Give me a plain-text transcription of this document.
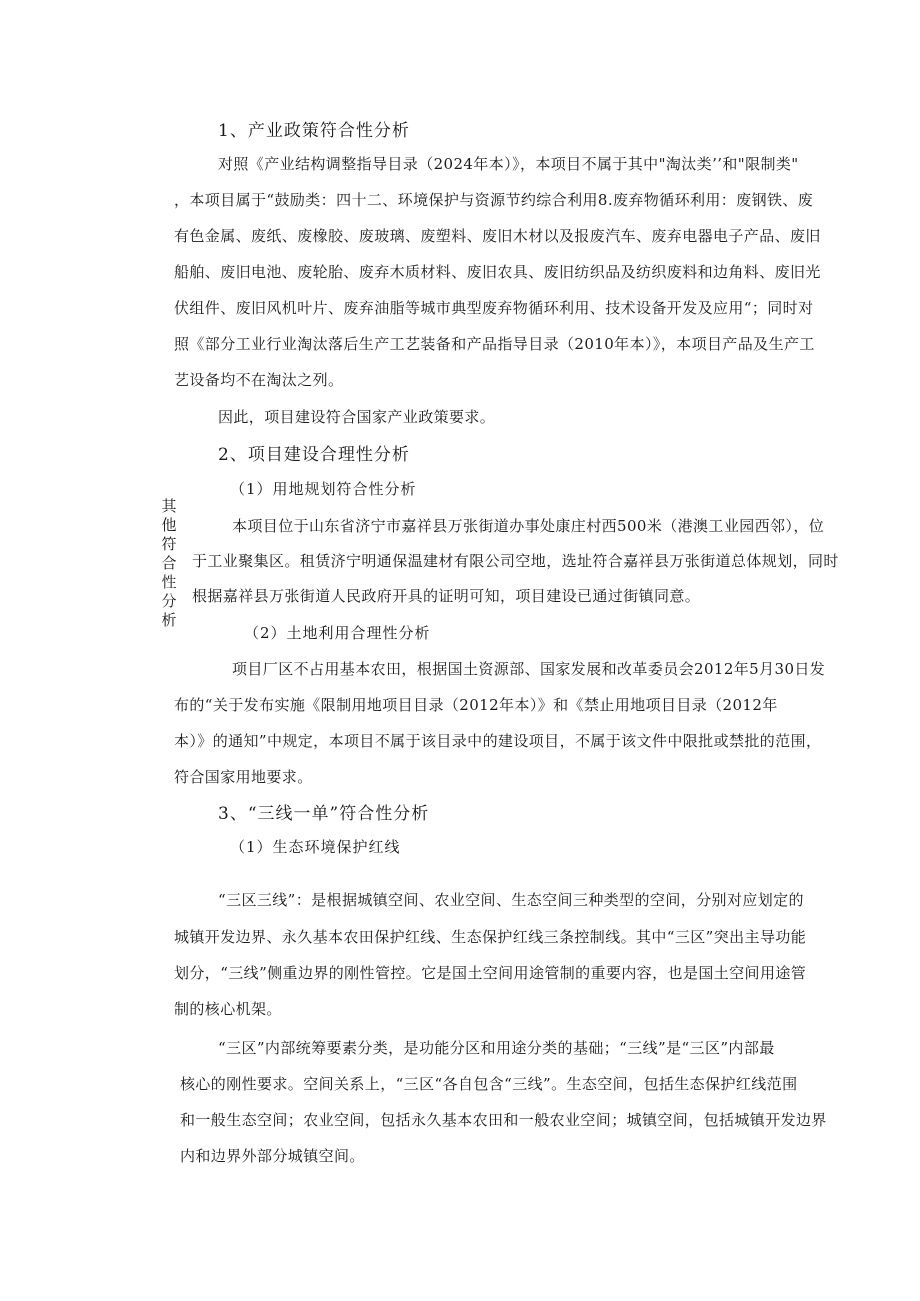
1、产业政策符合性分析
对照《产业结构调整指导目录（2024年本）》，本项目不属于其中"淘汰类’’和"限制类"
，本项目属于“鼓励类：四十二、环境保护与资源节约综合利用8.废弃物循环利用：废钢铁、废
有色金属、废纸、废橡胶、废玻璃、废塑料、废旧木材以及报废汽车、废弃电器电子产品、废旧
船舶、废旧电池、废轮胎、废弃木质材料、废旧农具、废旧纺织品及纺织废料和边角料、废旧光
伏组件、废旧风机叶片、废弃油脂等城市典型废弃物循环利用、技术设备开发及应用“；同时对
照《部分工业行业淘汰落后生产工艺装备和产品指导目录（2010年本）》，本项目产品及生产工
艺设备均不在淘汰之列。
因此，项目建设符合国家产业政策要求。
2、项目建设合理性分析
（1）用地规划符合性分析
本项目位于山东省济宁市嘉祥县万张街道办事处康庄村西500米（港澳工业园西邻），位
于工业聚集区。租赁济宁明通保温建材有限公司空地，选址符合嘉祥县万张街道总体规划，同时
根据嘉祥县万张街道人民政府开具的证明可知，项目建设已通过街镇同意。
其他符合性分析
（2）土地利用合理性分析
项目厂区不占用基本农田，根据国土资源部、国家发展和改革委员会2012年5月30日发
布的“关于发布实施《限制用地项目目录（2012年本）》和《禁止用地项目目录（2012年
本）》的通知”中规定，本项目不属于该目录中的建设项目，不属于该文件中限批或禁批的范围，
符合国家用地要求。
3、“三线一单”符合性分析
（1）生态环境保护红线
“三区三线”：是根据城镇空间、农业空间、生态空间三种类型的空间，分别对应划定的
城镇开发边界、永久基本农田保护红线、生态保护红线三条控制线。其中“三区”突出主导功能
划分，“三线”侧重边界的刚性管控。它是国土空间用途管制的重要内容，也是国土空间用途管
制的核心机架。
“三区”内部统筹要素分类，是功能分区和用途分类的基础；“三线”是“三区”内部最
核心的刚性要求。空间关系上，“三区“各自包含“三线”。生态空间，包括生态保护红线范围
和一般生态空间；农业空间，包括永久基本农田和一般农业空间；城镇空间，包括城镇开发边界
内和边界外部分城镇空间。
